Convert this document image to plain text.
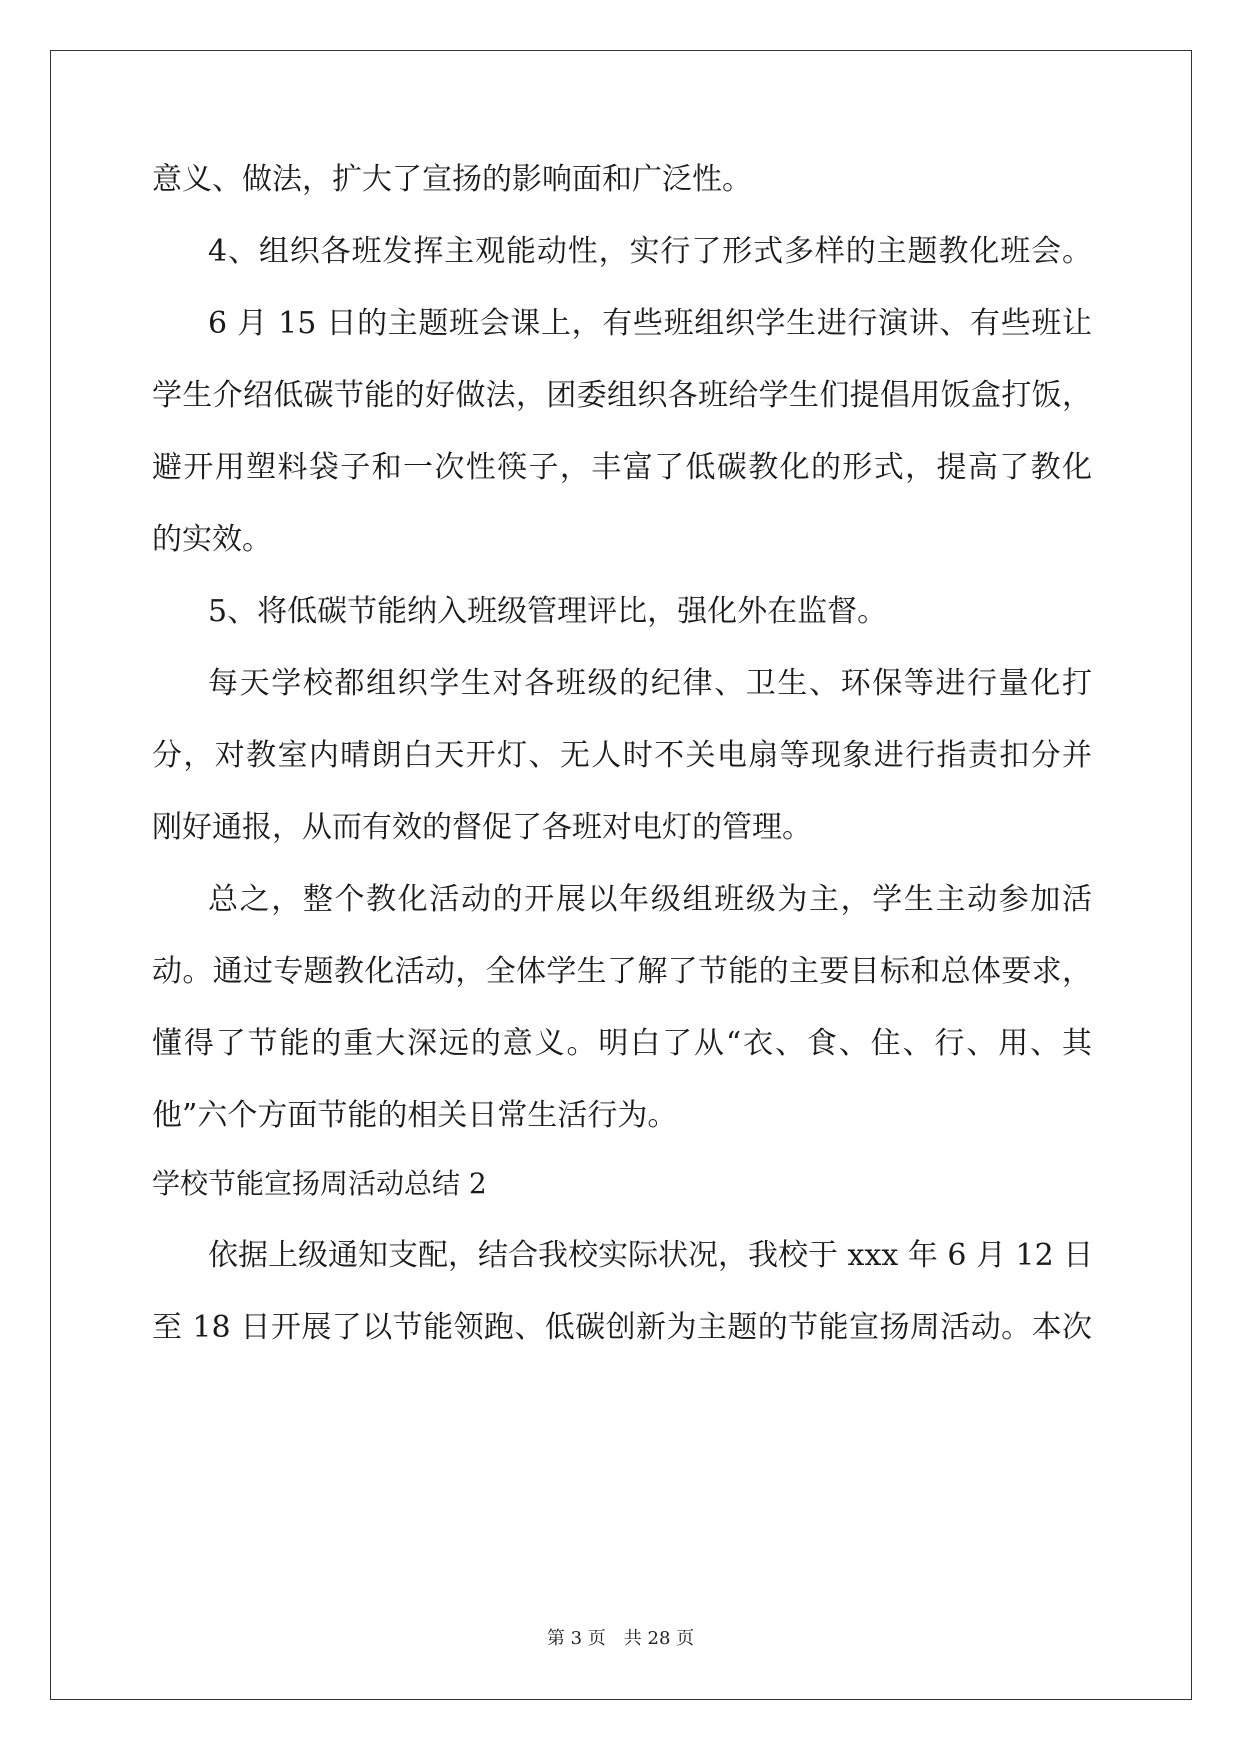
意义、做法，扩大了宣扬的影响面和广泛性。
4、组织各班发挥主观能动性，实行了形式多样的主题教化班会。
6 月 15 日的主题班会课上，有些班组织学生进行演讲、有些班让
学生介绍低碳节能的好做法，团委组织各班给学生们提倡用饭盒打饭，
避开用塑料袋子和一次性筷子，丰富了低碳教化的形式，提高了教化
的实效。
5、将低碳节能纳入班级管理评比，强化外在监督。
每天学校都组织学生对各班级的纪律、卫生、环保等进行量化打
分，对教室内晴朗白天开灯、无人时不关电扇等现象进行指责扣分并
刚好通报，从而有效的督促了各班对电灯的管理。
总之，整个教化活动的开展以年级组班级为主，学生主动参加活
动。通过专题教化活动，全体学生了解了节能的主要目标和总体要求，
懂得了节能的重大深远的意义。明白了从“衣、食、住、行、用、其
他”六个方面节能的相关日常生活行为。
学校节能宣扬周活动总结 2
依据上级通知支配，结合我校实际状况，我校于 xxx 年 6 月 12 日
至 18 日开展了以节能领跑、低碳创新为主题的节能宣扬周活动。本次
第 3 页　共 28 页
